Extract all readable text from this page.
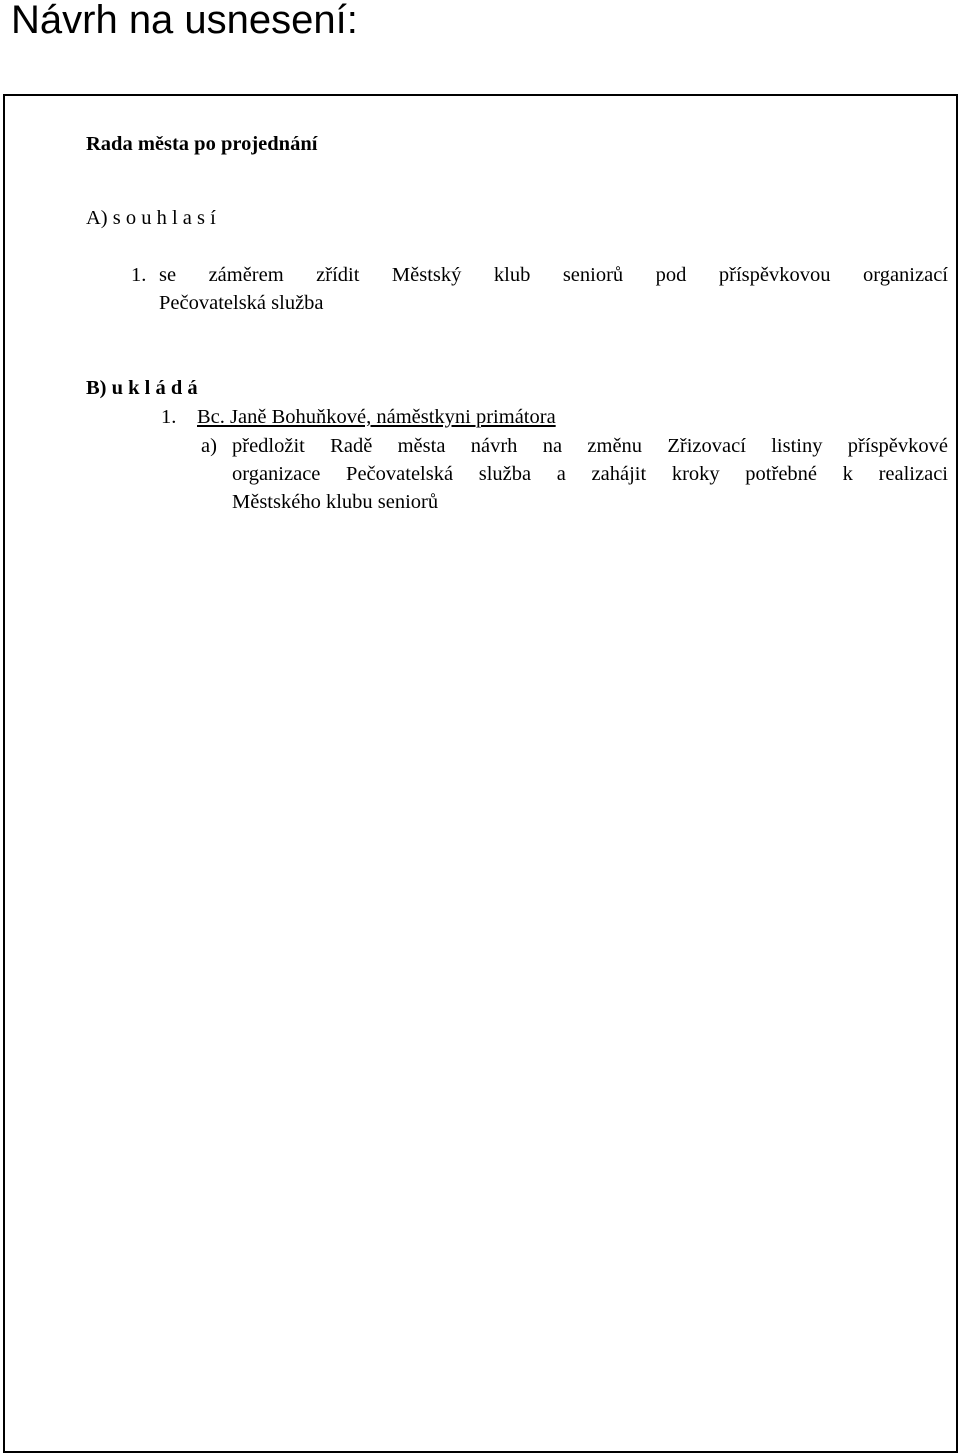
Návrh na usnesení:
Rada města po projednání
A) s o u h l a s í
1. se záměrem zřídit Městský klub seniorů pod příspěvkovou organizací
Pečovatelská služba
B) u k l á d á
1. Bc. Janě Bohuňkové, náměstkyni primátora
a) předložit Radě města návrh na změnu Zřizovací listiny příspěvkové
organizace Pečovatelská služba a zahájit kroky potřebné k realizaci
Městského klubu seniorů
